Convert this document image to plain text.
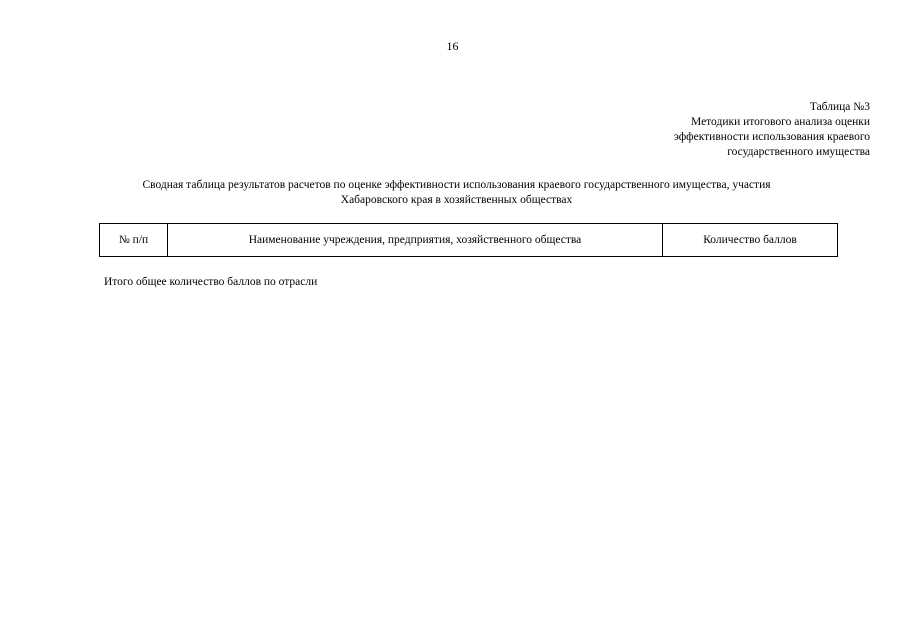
16
Таблица №3
Методики итогового анализа оценки
эффективности использования краевого
государственного имущества
Сводная таблица результатов расчетов по оценке эффективности использования краевого государственного имущества, участия
Хабаровского края в хозяйственных обществах
№ п/п	Наименование учреждения, предприятия, хозяйственного общества	Количество баллов
Итого общее количество баллов по отрасли
